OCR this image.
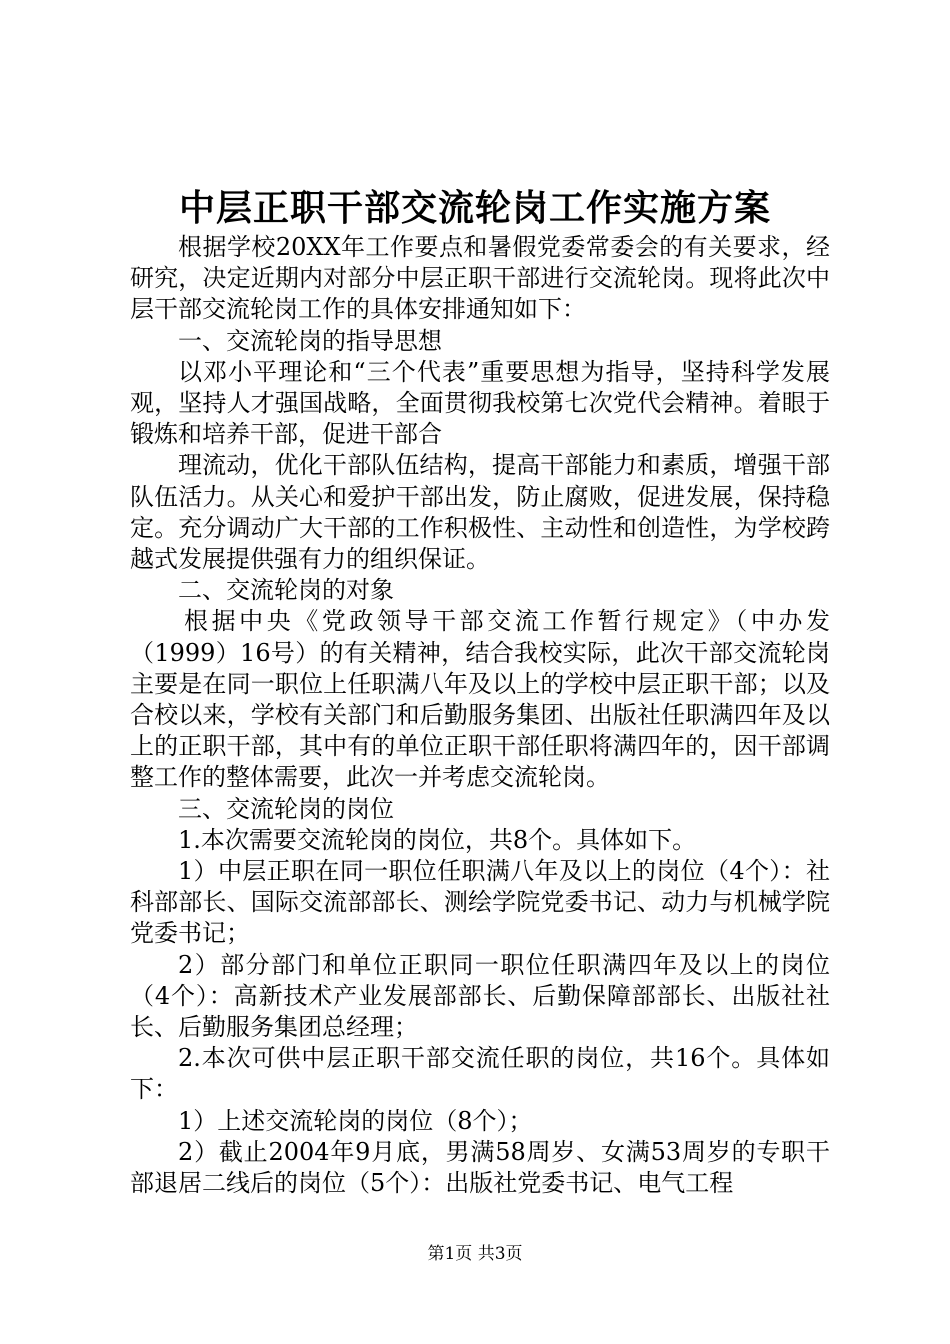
中层正职干部交流轮岗工作实施方案

根据学校20XX年工作要点和暑假党委常委会的有关要求，经研究，决定近期内对部分中层正职干部进行交流轮岗。现将此次中层干部交流轮岗工作的具体安排通知如下：

一、交流轮岗的指导思想

以邓小平理论和“三个代表”重要思想为指导，坚持科学发展观，坚持人才强国战略，全面贯彻我校第七次党代会精神。着眼于锻炼和培养干部，促进干部合

理流动，优化干部队伍结构，提高干部能力和素质，增强干部队伍活力。从关心和爱护干部出发，防止腐败，促进发展，保持稳定。充分调动广大干部的工作积极性、主动性和创造性，为学校跨越式发展提供强有力的组织保证。

二、交流轮岗的对象

根据中央《党政领导干部交流工作暂行规定》（中办发（1999）16号）的有关精神，结合我校实际，此次干部交流轮岗主要是在同一职位上任职满八年及以上的学校中层正职干部；以及合校以来，学校有关部门和后勤服务集团、出版社任职满四年及以上的正职干部，其中有的单位正职干部任职将满四年的，因干部调整工作的整体需要，此次一并考虑交流轮岗。

三、交流轮岗的岗位

1.本次需要交流轮岗的岗位，共8个。具体如下。

1）中层正职在同一职位任职满八年及以上的岗位（4个）：社科部部长、国际交流部部长、测绘学院党委书记、动力与机械学院党委书记；

2）部分部门和单位正职同一职位任职满四年及以上的岗位（4个）：高新技术产业发展部部长、后勤保障部部长、出版社社长、后勤服务集团总经理；

2.本次可供中层正职干部交流任职的岗位，共16个。具体如下：

1）上述交流轮岗的岗位（8个）；

2）截止2004年9月底，男满58周岁、女满53周岁的专职干部退居二线后的岗位（5个）：出版社党委书记、电气工程

第1页 共3页
